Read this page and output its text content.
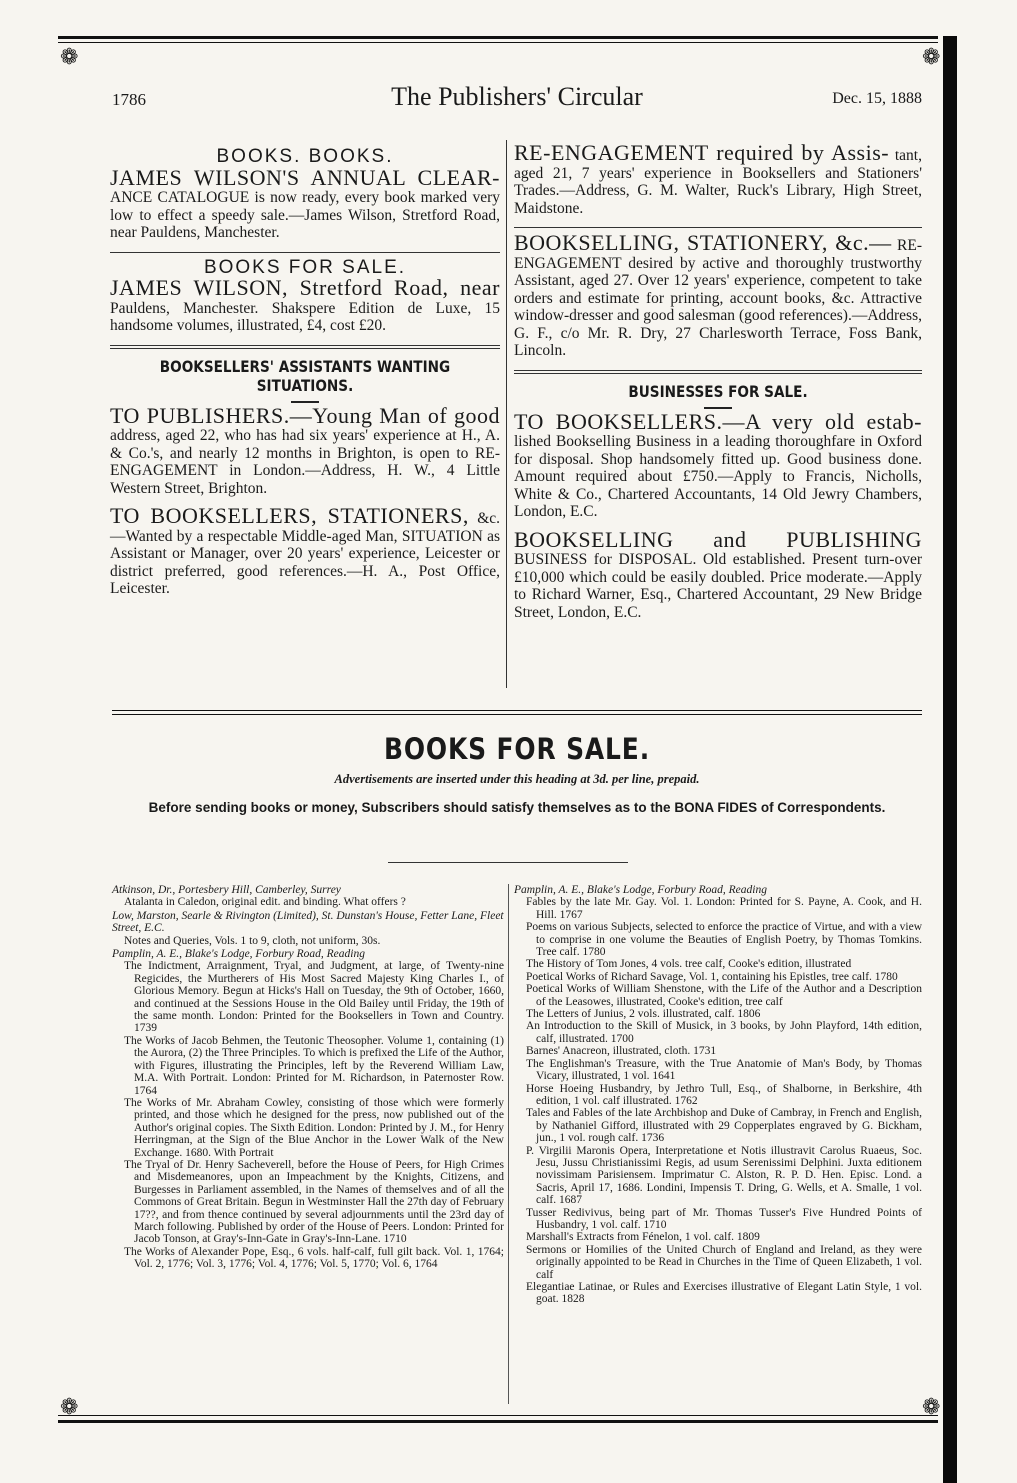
❁	❁
❁	❁
1786	The Publishers' Circular	Dec. 15, 1888
BOOKS. BOOKS.
JAMES WILSON'S ANNUAL CLEAR- ANCE CATALOGUE is now ready, every book marked very low to effect a speedy sale.—James Wilson, Stretford Road, near Pauldens, Manchester.
BOOKS FOR SALE.
JAMES WILSON, Stretford Road, near Pauldens, Manchester. Shakspere Edition de Luxe, 15 handsome volumes, illustrated, £4, cost £20.
BOOKSELLERS' ASSISTANTS WANTING SITUATIONS.
TO PUBLISHERS.—Young Man of good address, aged 22, who has had six years' experience at H., A. & Co.'s, and nearly 12 months in Brighton, is open to RE-ENGAGEMENT in London.—Address, H. W., 4 Little Western Street, Brighton.
TO BOOKSELLERS, STATIONERS, &c.—Wanted by a respectable Middle-aged Man, SITUATION as Assistant or Manager, over 20 years' experience, Leicester or district preferred, good references.—H. A., Post Office, Leicester.
RE-ENGAGEMENT required by Assis- tant, aged 21, 7 years' experience in Booksellers and Stationers' Trades.—Address, G. M. Walter, Ruck's Library, High Street, Maidstone.
BOOKSELLING, STATIONERY, &c.— RE-ENGAGEMENT desired by active and thoroughly trustworthy Assistant, aged 27. Over 12 years' experience, competent to take orders and estimate for printing, account books, &c. Attractive window-dresser and good salesman (good references).—Address, G. F., c/o Mr. R. Dry, 27 Charlesworth Terrace, Foss Bank, Lincoln.
BUSINESSES FOR SALE.
TO BOOKSELLERS.—A very old estab- lished Bookselling Business in a leading thoroughfare in Oxford for disposal. Shop handsomely fitted up. Good business done. Amount required about £750.—Apply to Francis, Nicholls, White & Co., Chartered Accountants, 14 Old Jewry Chambers, London, E.C.
BOOKSELLING and PUBLISHING BUSINESS for DISPOSAL. Old established. Present turn-over £10,000 which could be easily doubled. Price moderate.—Apply to Richard Warner, Esq., Chartered Accountant, 29 New Bridge Street, London, E.C.
BOOKS FOR SALE.
Advertisements are inserted under this heading at 3d. per line, prepaid.
Before sending books or money, Subscribers should satisfy themselves as to the BONA FIDES of Correspondents.
Atkinson, Dr., Portesbery Hill, Camberley, Surrey
Atalanta in Caledon, original edit. and binding. What offers ?
Low, Marston, Searle & Rivington (Limited), St. Dunstan's House, Fetter Lane, Fleet Street, E.C.
Notes and Queries, Vols. 1 to 9, cloth, not uniform, 30s.
Pamplin, A. E., Blake's Lodge, Forbury Road, Reading
The Indictment, Arraignment, Tryal, and Judgment, at large, of Twenty-nine Regicides, the Murtherers of His Most Sacred Majesty King Charles I., of Glorious Memory. Begun at Hicks's Hall on Tuesday, the 9th of October, 1660, and continued at the Sessions House in the Old Bailey until Friday, the 19th of the same month. London: Printed for the Booksellers in Town and Country. 1739
The Works of Jacob Behmen, the Teutonic Theosopher. Volume 1, containing (1) the Aurora, (2) the Three Principles. To which is prefixed the Life of the Author, with Figures, illustrating the Principles, left by the Reverend William Law, M.A. With Portrait. London: Printed for M. Richardson, in Paternoster Row. 1764
The Works of Mr. Abraham Cowley, consisting of those which were formerly printed, and those which he designed for the press, now published out of the Author's original copies. The Sixth Edition. London: Printed by J. M., for Henry Herringman, at the Sign of the Blue Anchor in the Lower Walk of the New Exchange. 1680. With Portrait
The Tryal of Dr. Henry Sacheverell, before the House of Peers, for High Crimes and Misdemeanores, upon an Impeachment by the Knights, Citizens, and Burgesses in Parliament assembled, in the Names of themselves and of all the Commons of Great Britain. Begun in Westminster Hall the 27th day of February 17??, and from thence continued by several adjournments until the 23rd day of March following. Published by order of the House of Peers. London: Printed for Jacob Tonson, at Gray's-Inn-Gate in Gray's-Inn-Lane. 1710
The Works of Alexander Pope, Esq., 6 vols. half-calf, full gilt back. Vol. 1, 1764; Vol. 2, 1776; Vol. 3, 1776; Vol. 4, 1776; Vol. 5, 1770; Vol. 6, 1764
Pamplin, A. E., Blake's Lodge, Forbury Road, Reading
Fables by the late Mr. Gay. Vol. 1. London: Printed for S. Payne, A. Cook, and H. Hill. 1767
Poems on various Subjects, selected to enforce the practice of Virtue, and with a view to comprise in one volume the Beauties of English Poetry, by Thomas Tomkins. Tree calf. 1780
The History of Tom Jones, 4 vols. tree calf, Cooke's edition, illustrated
Poetical Works of Richard Savage, Vol. 1, containing his Epistles, tree calf. 1780
Poetical Works of William Shenstone, with the Life of the Author and a Description of the Leasowes, illustrated, Cooke's edition, tree calf
The Letters of Junius, 2 vols. illustrated, calf. 1806
An Introduction to the Skill of Musick, in 3 books, by John Playford, 14th edition, calf, illustrated. 1700
Barnes' Anacreon, illustrated, cloth. 1731
The Englishman's Treasure, with the True Anatomie of Man's Body, by Thomas Vicary, illustrated, 1 vol. 1641
Horse Hoeing Husbandry, by Jethro Tull, Esq., of Shalborne, in Berkshire, 4th edition, 1 vol. calf illustrated. 1762
Tales and Fables of the late Archbishop and Duke of Cambray, in French and English, by Nathaniel Gifford, illustrated with 29 Copperplates engraved by G. Bickham, jun., 1 vol. rough calf. 1736
P. Virgilii Maronis Opera, Interpretatione et Notis illustravit Carolus Ruaeus, Soc. Jesu, Jussu Christianissimi Regis, ad usum Serenissimi Delphini. Juxta editionem novissimam Parisiensem. Imprimatur C. Alston, R. P. D. Hen. Episc. Lond. a Sacris, April 17, 1686. Londini, Impensis T. Dring, G. Wells, et A. Smalle, 1 vol. calf. 1687
Tusser Redivivus, being part of Mr. Thomas Tusser's Five Hundred Points of Husbandry, 1 vol. calf. 1710
Marshall's Extracts from Fénelon, 1 vol. calf. 1809
Sermons or Homilies of the United Church of England and Ireland, as they were originally appointed to be Read in Churches in the Time of Queen Elizabeth, 1 vol. calf
Elegantiae Latinae, or Rules and Exercises illustrative of Elegant Latin Style, 1 vol. goat. 1828
